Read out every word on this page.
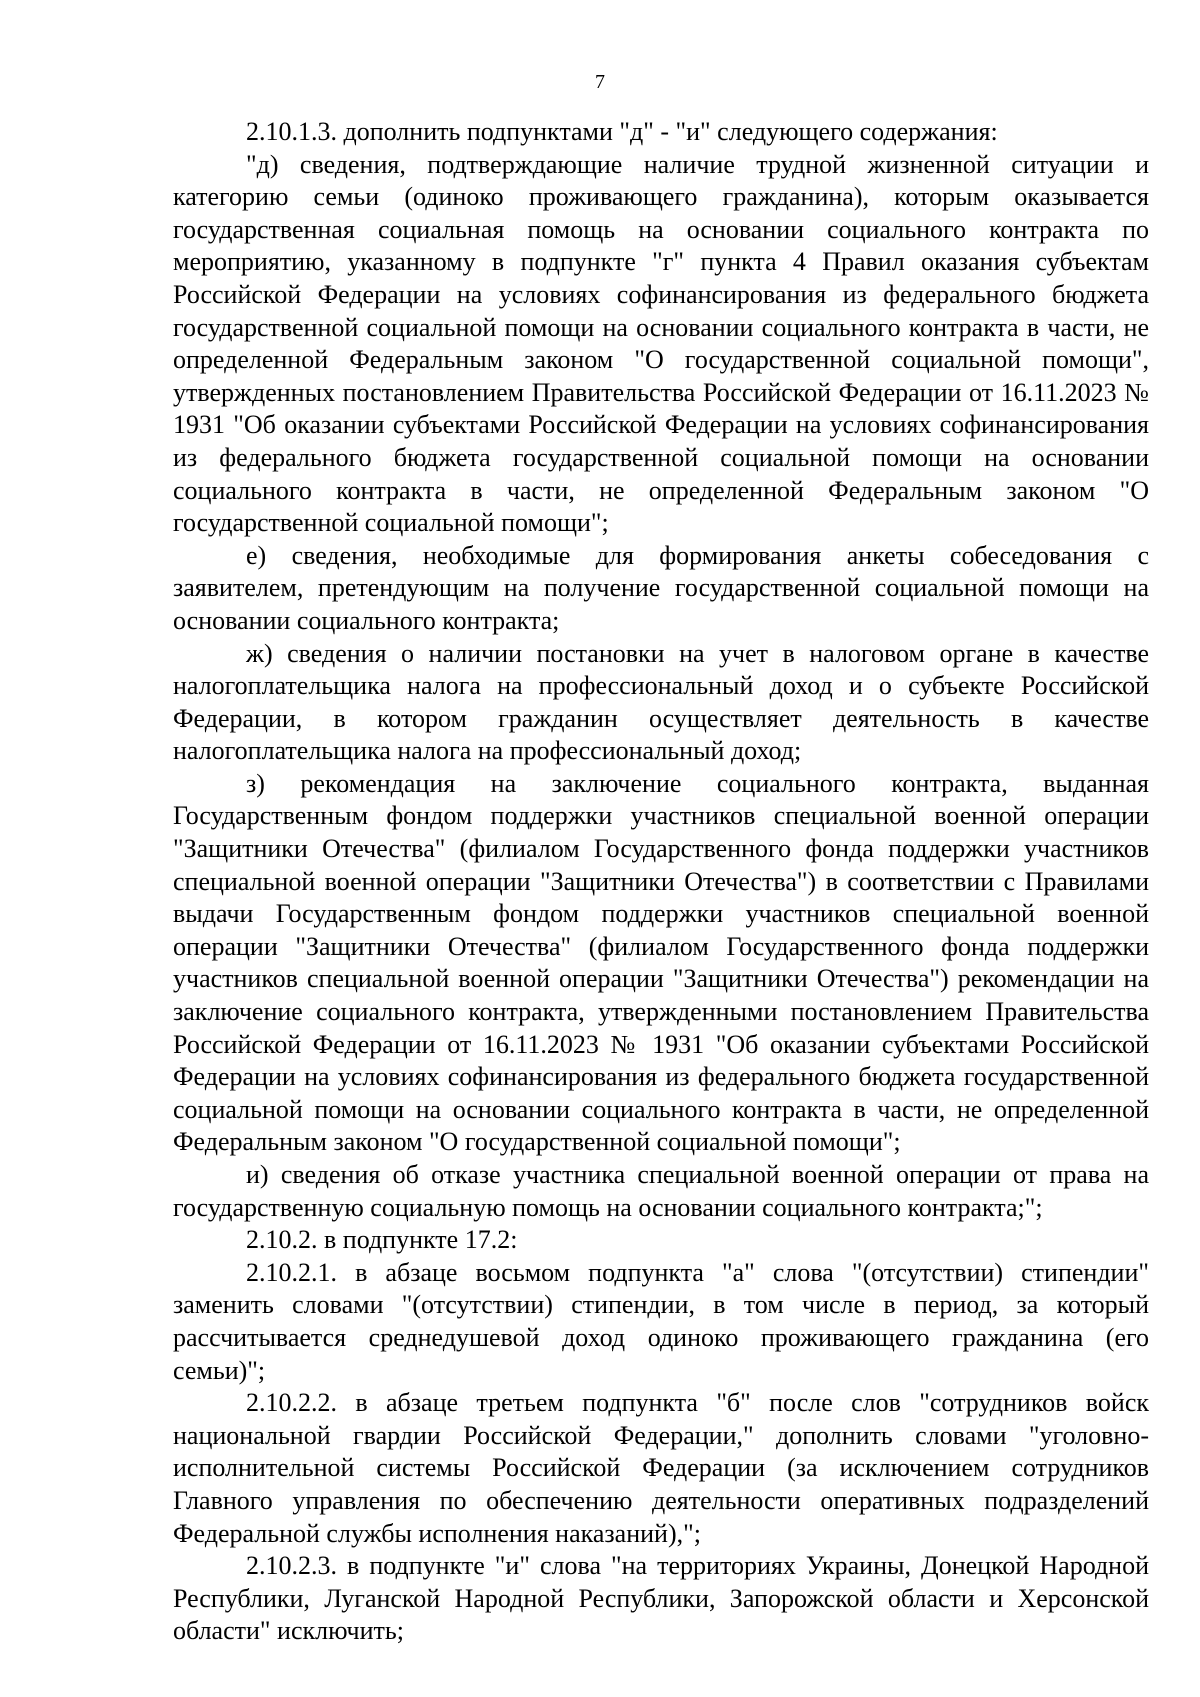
7

2.10.1.3. дополнить подпунктами "д" - "и" следующего содержания:

"д) сведения, подтверждающие наличие трудной жизненной ситуации и категорию семьи (одиноко проживающего гражданина), которым оказывается государственная социальная помощь на основании социального контракта по мероприятию, указанному в подпункте "г" пункта 4 Правил оказания субъектам Российской Федерации на условиях софинансирования из федерального бюджета государственной социальной помощи на основании социального контракта в части, не определенной Федеральным законом "О государственной социальной помощи", утвержденных постановлением Правительства Российской Федерации от 16.11.2023 № 1931 "Об оказании субъектами Российской Федерации на условиях софинансирования из федерального бюджета государственной социальной помощи на основании социального контракта в части, не определенной Федеральным законом "О государственной социальной помощи";

е) сведения, необходимые для формирования анкеты собеседования с заявителем, претендующим на получение государственной социальной помощи на основании социального контракта;

ж) сведения о наличии постановки на учет в налоговом органе в качестве налогоплательщика налога на профессиональный доход и о субъекте Российской Федерации, в котором гражданин осуществляет деятельность в качестве налогоплательщика налога на профессиональный доход;

з) рекомендация на заключение социального контракта, выданная Государственным фондом поддержки участников специальной военной операции "Защитники Отечества" (филиалом Государственного фонда поддержки участников специальной военной операции "Защитники Отечества") в соответствии с Правилами выдачи Государственным фондом поддержки участников специальной военной операции "Защитники Отечества" (филиалом Государственного фонда поддержки участников специальной военной операции "Защитники Отечества") рекомендации на заключение социального контракта, утвержденными постановлением Правительства Российской Федерации от 16.11.2023 № 1931 "Об оказании субъектами Российской Федерации на условиях софинансирования из федерального бюджета государственной социальной помощи на основании социального контракта в части, не определенной Федеральным законом "О государственной социальной помощи";

и) сведения об отказе участника специальной военной операции от права на государственную социальную помощь на основании социального контракта;";

2.10.2. в подпункте 17.2:

2.10.2.1. в абзаце восьмом подпункта "а" слова "(отсутствии) стипендии" заменить словами "(отсутствии) стипендии, в том числе в период, за который рассчитывается среднедушевой доход одиноко проживающего гражданина (его семьи)";

2.10.2.2. в абзаце третьем подпункта "б" после слов "сотрудников войск национальной гвардии Российской Федерации," дополнить словами "уголовно-исполнительной системы Российской Федерации (за исключением сотрудников Главного управления по обеспечению деятельности оперативных подразделений Федеральной службы исполнения наказаний),";

2.10.2.3. в подпункте "и" слова "на территориях Украины, Донецкой Народной Республики, Луганской Народной Республики, Запорожской области и Херсонской области" исключить;
